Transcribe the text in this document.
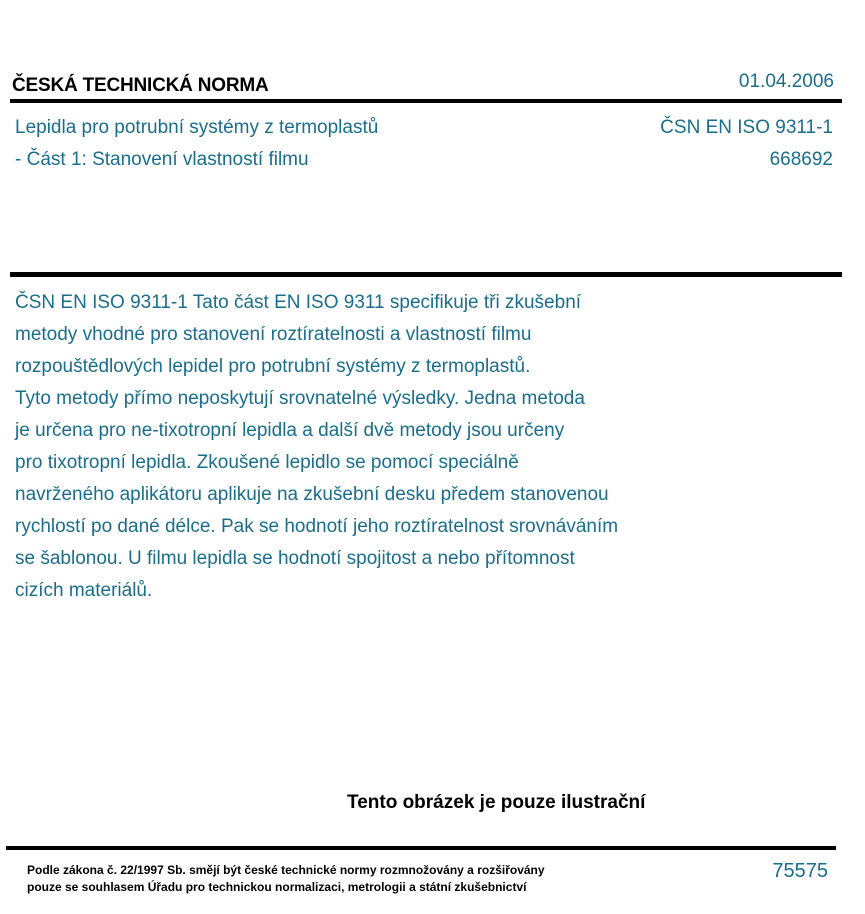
ČESKÁ TECHNICKÁ NORMA	01.04.2006
Lepidla pro potrubní systémy z termoplastů
- Část 1: Stanovení vlastností filmu
ČSN EN ISO 9311-1
668692
ČSN EN ISO 9311-1 Tato část EN ISO 9311 specifikuje tři zkušební
metody vhodné pro stanovení roztíratelnosti a vlastností filmu
rozpouštědlových lepidel pro potrubní systémy z termoplastů.
Tyto metody přímo neposkytují srovnatelné výsledky. Jedna metoda
je určena pro ne-tixotropní lepidla a další dvě metody jsou určeny
pro tixotropní lepidla. Zkoušené lepidlo se pomocí speciálně
navrženého aplikátoru aplikuje na zkušební desku předem stanovenou
rychlostí po dané délce. Pak se hodnotí jeho roztíratelnost srovnáváním
se šablonou. U filmu lepidla se hodnotí spojitost a nebo přítomnost
cizích materiálů.
Tento obrázek je pouze ilustrační
Podle zákona č. 22/1997 Sb. smějí být české technické normy rozmnožovány a rozšiřovány
pouze se souhlasem Úřadu pro technickou normalizaci, metrologii a státní zkušebnictví
75575
